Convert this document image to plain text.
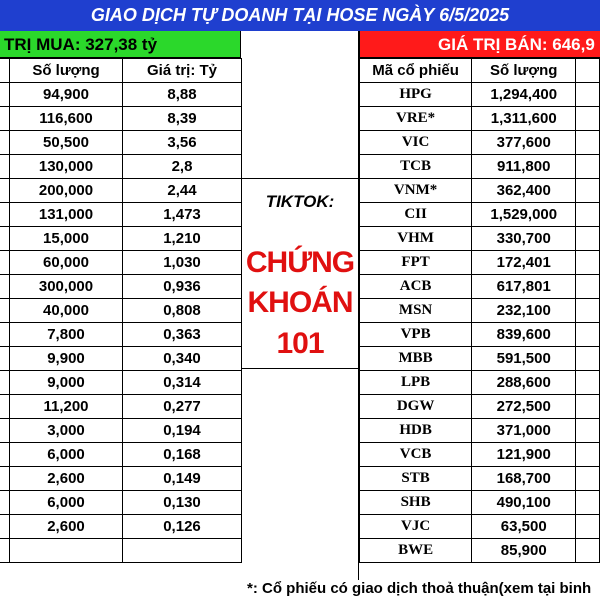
GIAO DỊCH TỰ DOANH TẠI HOSE NGÀY 6/5/2025
TRỊ MUA: 327,38 tỷ	GIÁ TRỊ BÁN: 646,9
	Số lượng	Giá trị: Tỷ
	94,900	8,88
	116,600	8,39
	50,500	3,56
	130,000	2,8
	200,000	2,44
	131,000	1,473
	15,000	1,210
	60,000	1,030
	300,000	0,936
	40,000	0,808
	7,800	0,363
	9,900	0,340
	9,000	0,314
	11,200	0,277
	3,000	0,194
	6,000	0,168
	2,600	0,149
	6,000	0,130
	2,600	0,126

TIKTOK:
CHỨNG
KHOÁN
101
Mã cổ phiếu	Số lượng	
HPG	1,294,400	
VRE*	1,311,600	
VIC	377,600	
TCB	911,800	
VNM*	362,400	
CII	1,529,000	
VHM	330,700	
FPT	172,401	
ACB	617,801	
MSN	232,100	
VPB	839,600	
MBB	591,500	
LPB	288,600	
DGW	272,500	
HDB	371,000	
VCB	121,900	
STB	168,700	
SHB	490,100	
VJC	63,500	
BWE	85,900	
*: Cổ phiếu có giao dịch thoả thuận(xem tại binh
